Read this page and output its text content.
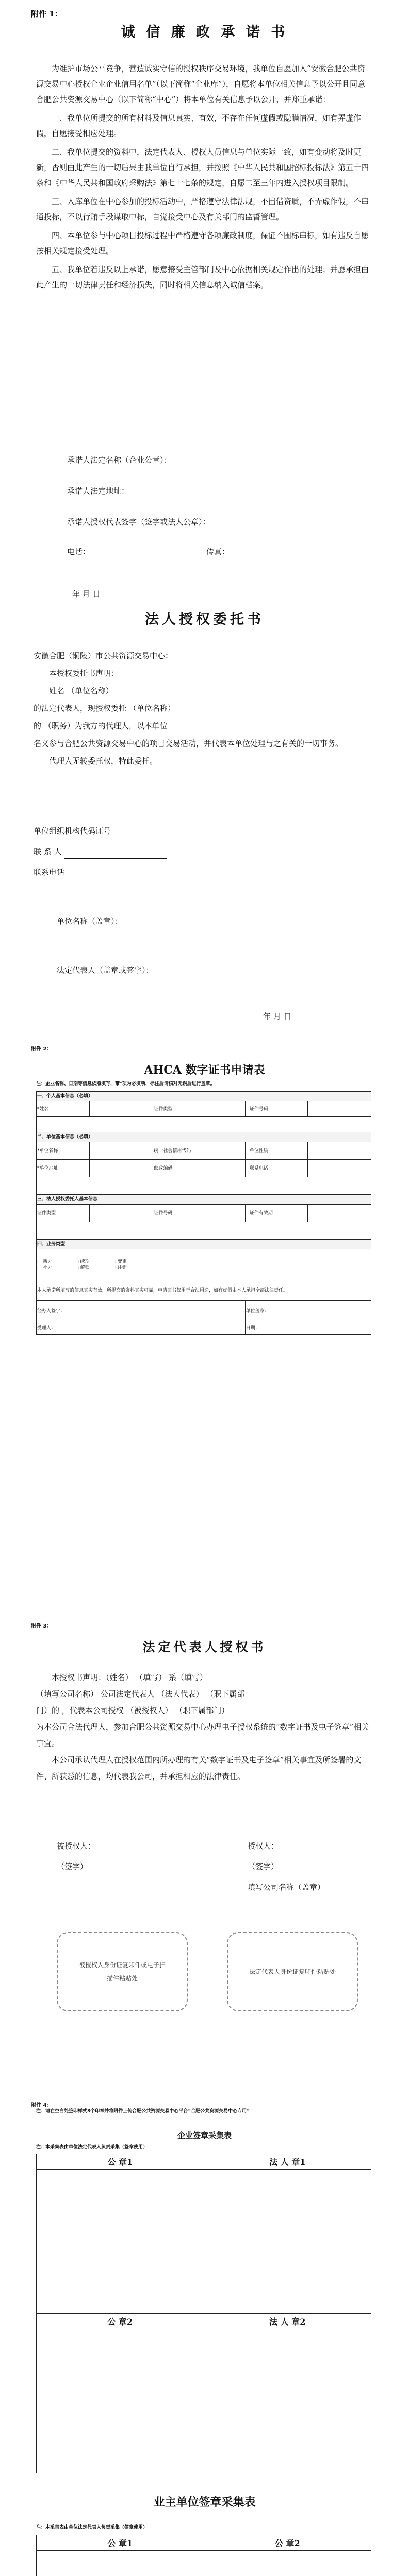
附件 1：
诚 信 廉 政 承 诺 书

为维护市场公平竞争，营造诚实守信的授权秩序交易环境，我单位自愿加入“安徽合肥公共资源交易中心授权企业企业信用名单”（以下简称“企业库”），自愿将本单位相关信息予以公开且同意合肥公共资源交易中心（以下简称“中心”）将本单位有关信息予以公开，并郑重承诺：

一、我单位所提交的所有材料及信息真实、有效，不存在任何虚假或隐瞒情况，如有弄虚作假，自愿接受相应处理。

二、我单位提交的资料中，法定代表人、授权人员信息与单位实际一致，如有变动将及时更新，否则由此产生的一切后果由我单位自行承担，并按照《中华人民共和国招标投标法》第五十四条和《中华人民共和国政府采购法》第七十七条的规定，自愿二至三年内进入授权项目限制。

三、入库单位在中心参加的投标活动中，严格遵守法律法规，不出借资质，不弄虚作假，不串通投标，不以行贿手段谋取中标，自觉接受中心及有关部门的监督管理。

四、本单位参与中心项目投标过程中严格遵守各项廉政制度，保证不围标串标，如有违反自愿按相关规定接受处理。

五、我单位若违反以上承诺，愿意接受主管部门及中心依据相关规定作出的处理；并愿承担由此产生的一切法律责任和经济损失，同时将相关信息纳入诚信档案。

承诺人法定名称（企业公章）：
承诺人法定地址：
承诺人授权代表签字（签字或法人公章）：
电话：	传真：
年 月 日
法人授权委托书
安徽合肥（铜陵）市公共资源交易中心：
本授权委托书声明：
姓名 （单位名称）
的法定代表人，现授权委托 （单位名称）
的 （职务）为我方的代理人，以本单位
名义参与合肥公共资源交易中心的项目交易活动，并代表本单位处理与之有关的一切事务。
代理人无转委托权，特此委托。
单位组织机构代码证号
联 系 人
联系电话
单位名称（盖章）：
法定代表人（盖章或签字）：
年 月 日
附件 2：
AHCA 数字证书申请表
注：企业名称、日期等信息依照填写，带*项为必填项，标注后请核对无误后进行盖章。
一、个人基本信息（必填）					
*姓名		证件类型		证件号码	

二、单位基本信息（必填）					
*单位名称		统一社会信用代码		单位性质	
*单位地址		邮政编码		联系电话	

三、法人授权委托人基本信息					
证件类型		证件号码		证件有效期	

四、业务类型					
□ 新办 □ 续期 □ 变更
□ 补办 □ 解锁 □ 注销					
本人承诺所填写的信息真实有效，所提交的资料真实可靠，申请证书仅用于合法用途，如有虚假由本人承担全部法律责任。					
经办人签字：			单位盖章：		
受理人：			日期：		
附件 3：
法定代表人授权书
本授权书声明：（姓名） （填写） 系（填写）
（填写公司名称） 公司法定代表人 （法人代表） （职下属部
门）的 ，代表本公司授权 （被授权人） （职下属部门）
为本公司合法代理人，参加合肥公共资源交易中心办理电子授权系统的“数字证书及电子签章”相关事宜。
本公司承认代理人在授权范围内所办理的有关“数字证书及电子签章”相关事宜及所签署的文件、所获悉的信息，均代表我公司，并承担相应的法律责任。
被授权人：
（签字）
授权人：
（签字）
填写公司名称（盖章）
被授权人身份证复印件或电子扫描件粘贴处
法定代表人身份证复印件粘贴处
附件 4：
注：请在空白处签印样式3个印章并将附件上传合肥公共资源交易中心平台“合肥公共资源交易中心专用”
企业签章采集表
注：本采集表由单位法定代表人负责采集（签章使用）
公 章1	法 人 章1

公 章2	法 人 章2

业主单位签章采集表
注：本采集表由单位法定代表人负责采集（签章使用）
公 章1	公 章2
